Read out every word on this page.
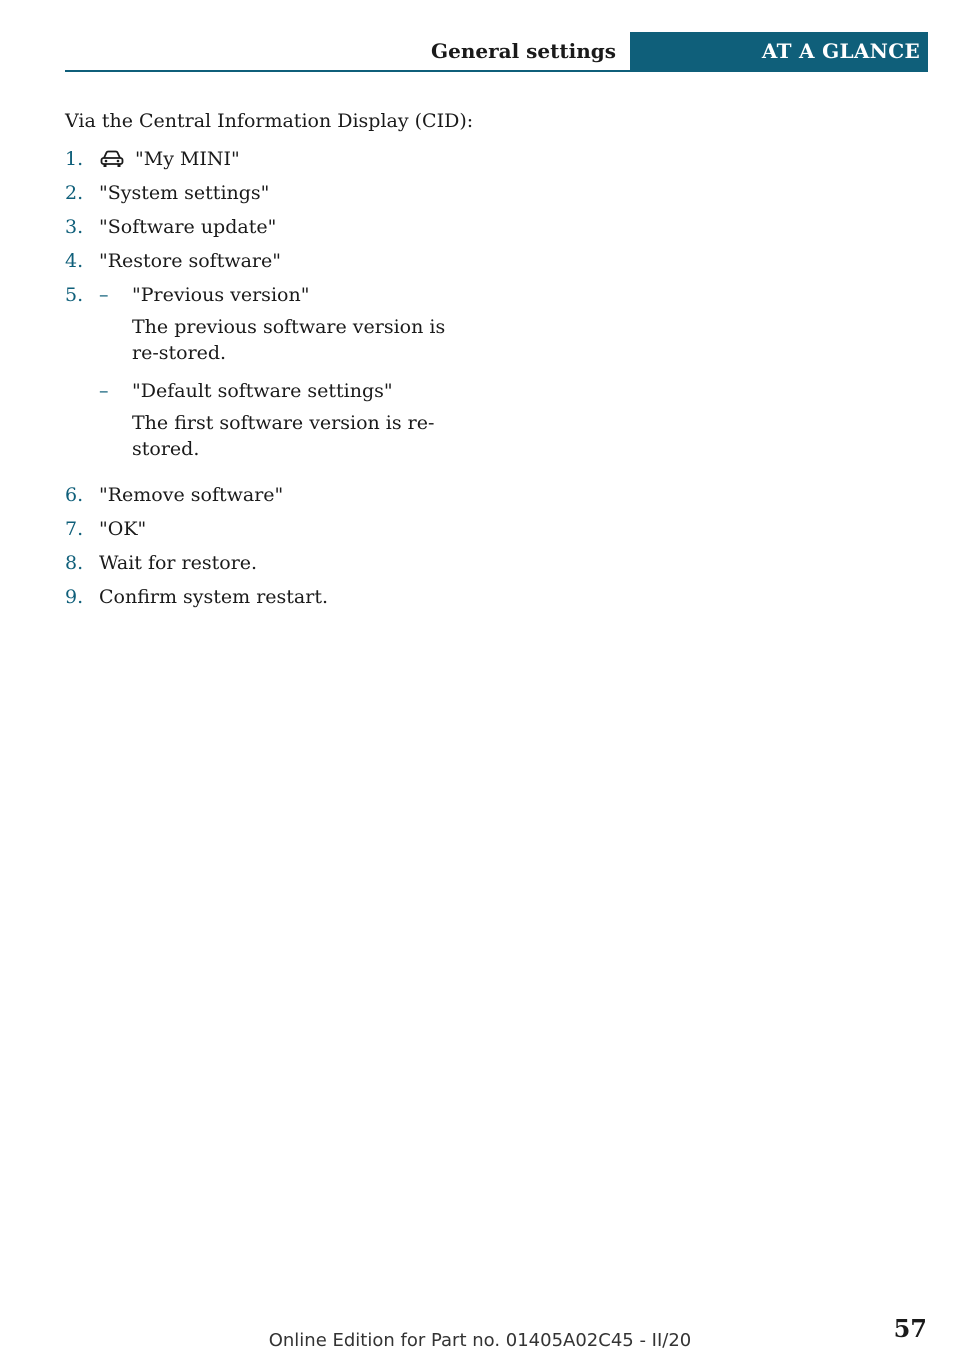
General settings	AT A GLANCE

Via the Central Information Display (CID):

1.	"My MINI"
2. "System settings"
3. "Software update"
4. "Restore software"
5. –	"Previous version"
The previous software version is re-stored.
–	"Default software settings"
The first software version is re-stored.
6. "Remove software"
7. "OK"
8. Wait for restore.
9. Confirm system restart.
57
Online Edition for Part no. 01405A02C45 - II/20
